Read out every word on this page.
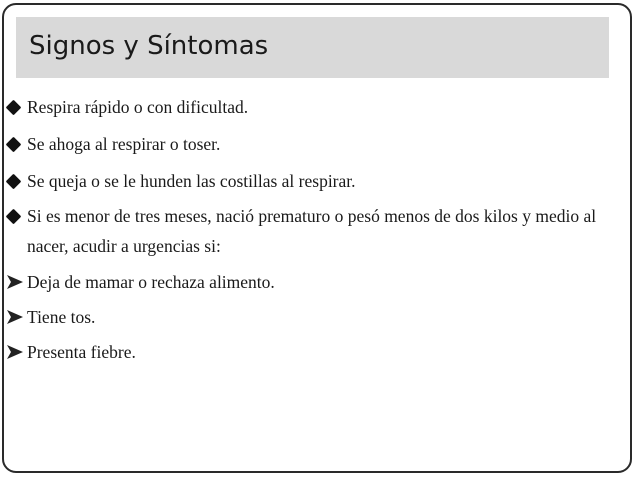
Signos y Síntomas
Respira rápido o con dificultad.
Se ahoga al respirar o toser.
Se queja o se le hunden las costillas al respirar.
Si es menor de tres meses, nació prematuro o pesó menos de dos kilos y medio al nacer, acudir a urgencias si:
Deja de mamar o rechaza alimento.
Tiene tos.
Presenta fiebre.
